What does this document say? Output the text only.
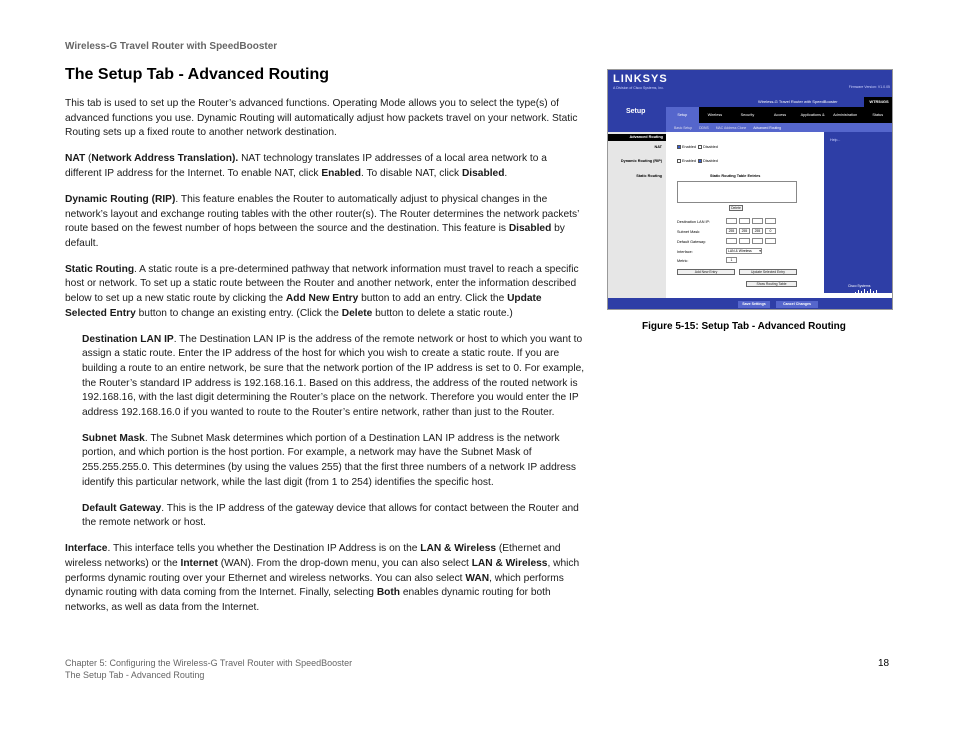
Wireless-G Travel Router with SpeedBooster
The Setup Tab - Advanced Routing

This tab is used to set up the Router’s advanced functions. Operating Mode allows you to select the type(s) of advanced functions you use. Dynamic Routing will automatically adjust how packets travel on your network. Static Routing sets up a fixed route to another network destination.

NAT (Network Address Translation). NAT technology translates IP addresses of a local area network to a different IP address for the Internet. To enable NAT, click Enabled. To disable NAT, click Disabled.

Dynamic Routing (RIP). This feature enables the Router to automatically adjust to physical changes in the network’s layout and exchange routing tables with the other router(s). The Router determines the network packets’ route based on the fewest number of hops between the source and the destination. This feature is Disabled by default.

Static Routing. A static route is a pre-determined pathway that network information must travel to reach a specific host or network. To set up a static route between the Router and another network, enter the information described below to set up a new static route by clicking the Add New Entry button to add an entry. Click the Update Selected Entry button to change an existing entry. (Click the Delete button to delete a static route.)

Destination LAN IP. The Destination LAN IP is the address of the remote network or host to which you want to assign a static route. Enter the IP address of the host for which you wish to create a static route. If you are building a route to an entire network, be sure that the network portion of the IP address is set to 0. For example, the Router’s standard IP address is 192.168.16.1. Based on this address, the address of the routed network is 192.168.16, with the last digit determining the Router’s place on the network. Therefore you would enter the IP address 192.168.16.0 if you wanted to route to the Router’s entire network, rather than just to the Router.

Subnet Mask. The Subnet Mask determines which portion of a Destination LAN IP address is the network portion, and which portion is the host portion. For example, a network may have the Subnet Mask of 255.255.255.0. This determines (by using the values 255) that the first three numbers of a network IP address identify this particular network, while the last digit (from 1 to 254) identifies the specific host.

Default Gateway. This is the IP address of the gateway device that allows for contact between the Router and the remote network or host.

Interface. This interface tells you whether the Destination IP Address is on the LAN & Wireless (Ethernet and wireless networks) or the Internet (WAN). From the drop-down menu, you can also select LAN & Wireless, which performs dynamic routing over your Ethernet and wireless networks. You can also select WAN, which performs dynamic routing with data coming from the Internet. Finally, selecting Both enables dynamic routing for both networks, as well as data from the Internet.

LINKSYS
A Division of Cisco Systems, Inc.	Firmware Version: V1.0.05
Setup
Wireless-G Travel Router with SpeedBooster	WTR54GS
Setup	Wireless	Security	Access	Applications &	Administration	Status
Basic Setup DDNS MAC Address Clone Advanced Routing
Advanced Routing
NAT	Enabled Disabled
Dynamic Routing (RIP)	Enabled Disabled
Static Routing	Static Routing Table Entries
Delete
Destination LAN IP:
Subnet Mask:	255 255 255	0
Default Gateway:
Interface:	LAN & Wireless ▾
Metric:	1
Add New Entry	Update Selected Entry
Show Routing Table
Help...
Cisco Systems
Save Settings	Cancel Changes
Figure 5-15: Setup Tab - Advanced Routing
Chapter 5: Configuring the Wireless-G Travel Router with SpeedBooster
The Setup Tab - Advanced Routing
18
